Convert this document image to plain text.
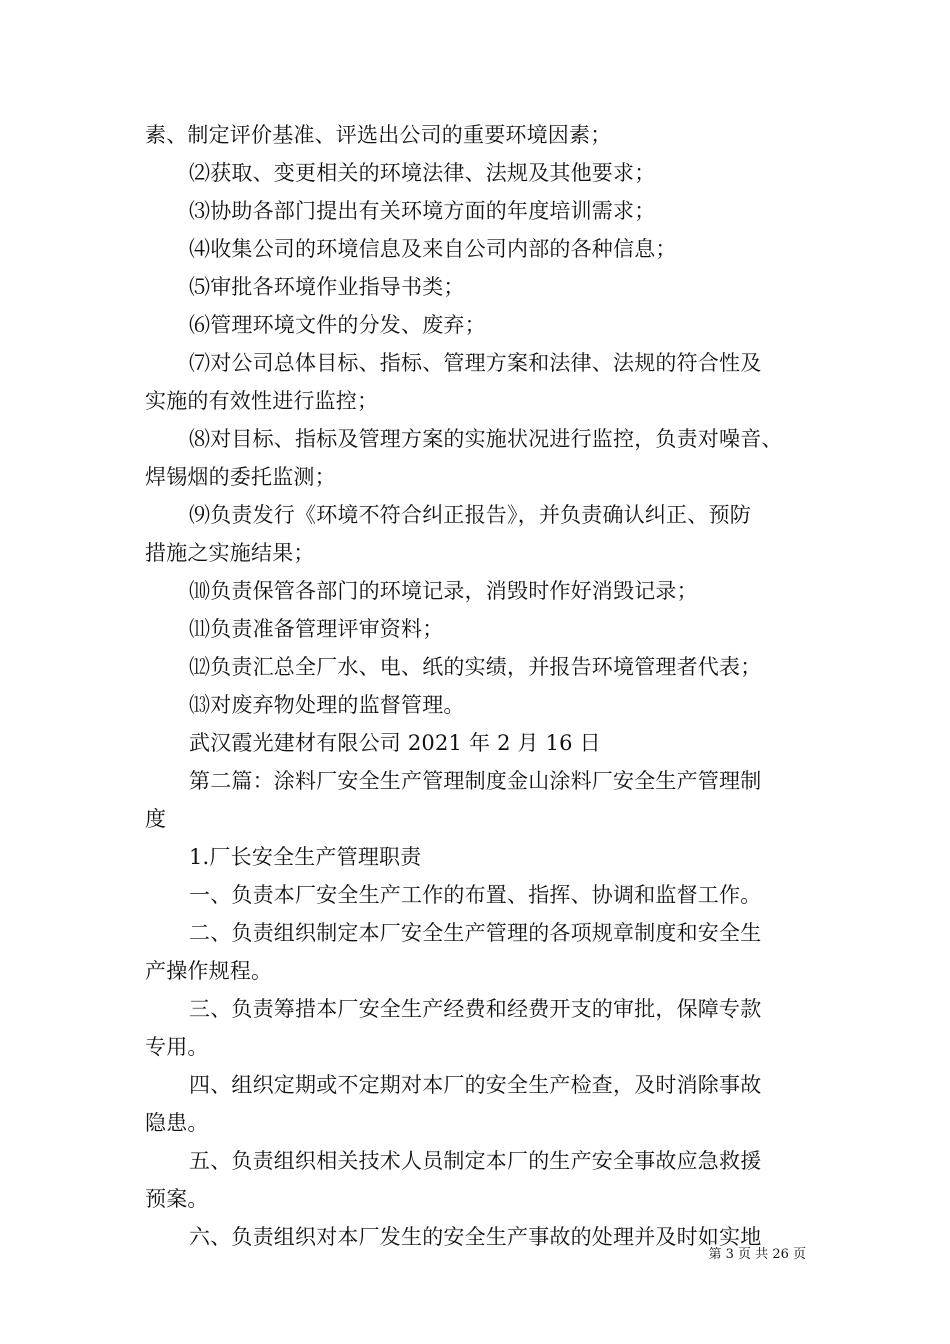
素、制定评价基准、评选出公司的重要环境因素；
⑵获取、变更相关的环境法律、法规及其他要求；
⑶协助各部门提出有关环境方面的年度培训需求；
⑷收集公司的环境信息及来自公司内部的各种信息；
⑸审批各环境作业指导书类；
⑹管理环境文件的分发、废弃；
⑺对公司总体目标、指标、管理方案和法律、法规的符合性及
实施的有效性进行监控；
⑻对目标、指标及管理方案的实施状况进行监控，负责对噪音、
焊锡烟的委托监测；
⑼负责发行《环境不符合纠正报告》，并负责确认纠正、预防
措施之实施结果；
⑽负责保管各部门的环境记录，消毁时作好消毁记录；
⑾负责准备管理评审资料；
⑿负责汇总全厂水、电、纸的实绩，并报告环境管理者代表；
⒀对废弃物处理的监督管理。
武汉霞光建材有限公司 2021 年 2 月 16 日
第二篇：涂料厂安全生产管理制度金山涂料厂安全生产管理制
度
1.厂长安全生产管理职责
一、负责本厂安全生产工作的布置、指挥、协调和监督工作。
二、负责组织制定本厂安全生产管理的各项规章制度和安全生
产操作规程。
三、负责筹措本厂安全生产经费和经费开支的审批，保障专款
专用。
四、组织定期或不定期对本厂的安全生产检查，及时消除事故
隐患。
五、负责组织相关技术人员制定本厂的生产安全事故应急救援
预案。
六、负责组织对本厂发生的安全生产事故的处理并及时如实地
第 3 页 共 26 页
